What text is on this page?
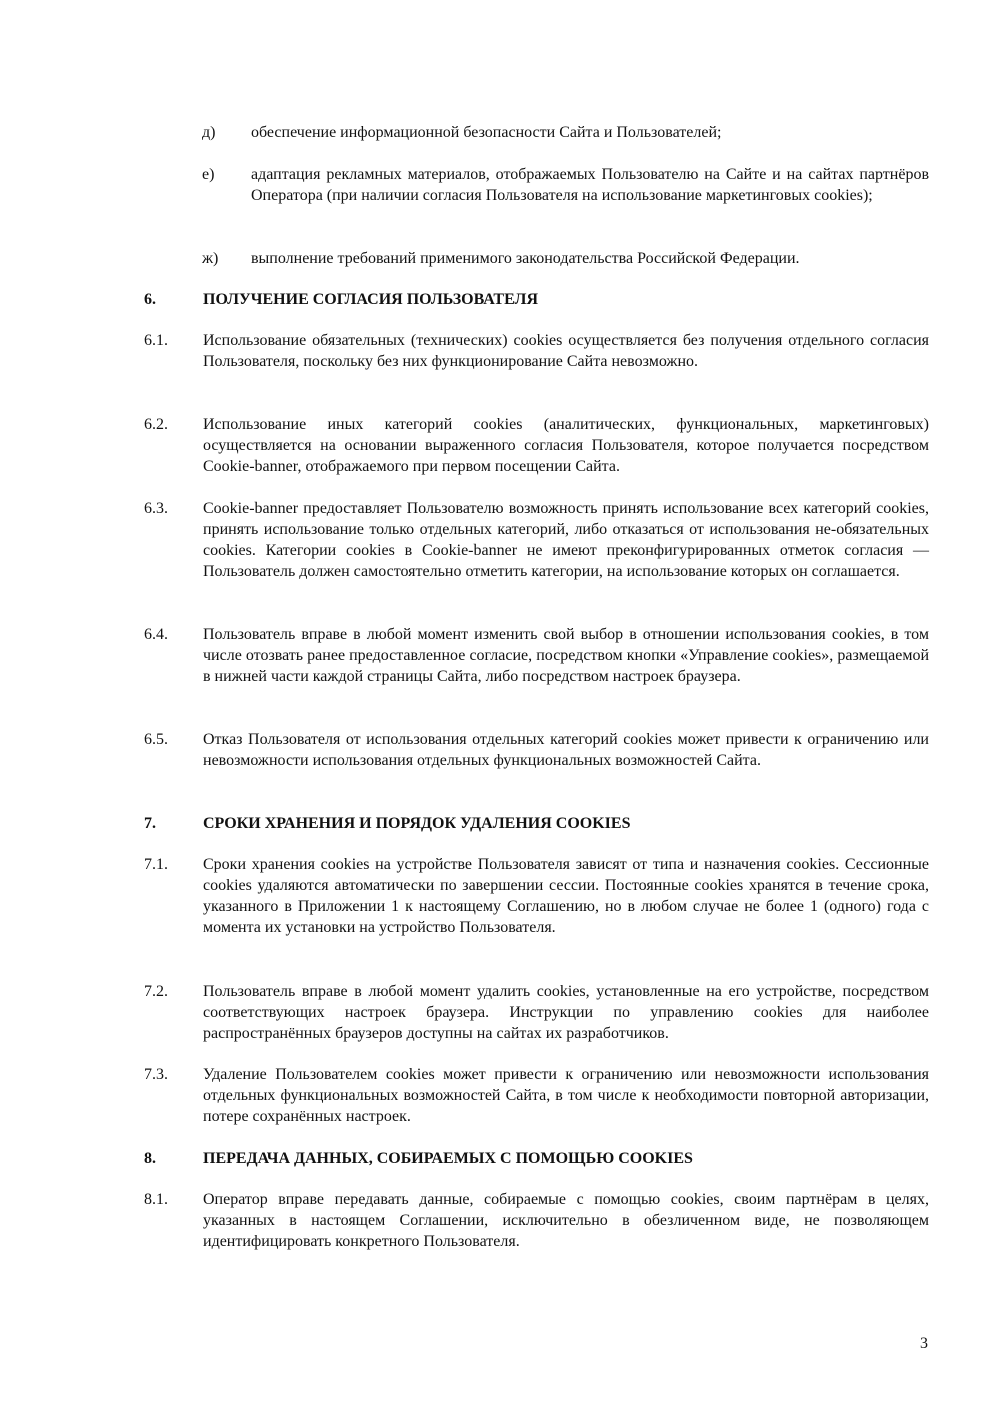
д) обеспечение информационной безопасности Сайта и Пользователей;
е) адаптация рекламных материалов, отображаемых Пользователю на Сайте и на сайтах партнёров Оператора (при наличии согласия Пользователя на использование маркетинговых cookies);
ж) выполнение требований применимого законодательства Российской Федерации.
6.	ПОЛУЧЕНИЕ СОГЛАСИЯ ПОЛЬЗОВАТЕЛЯ
6.1. Использование обязательных (технических) cookies осуществляется без получения отдельного согласия Пользователя, поскольку без них функционирование Сайта невозможно.
6.2. Использование иных категорий cookies (аналитических, функциональных, маркетинговых) осуществляется на основании выраженного согласия Пользователя, которое получается посредством Cookie-banner, отображаемого при первом посещении Сайта.
6.3. Cookie-banner предоставляет Пользователю возможность принять использование всех категорий cookies, принять использование только отдельных категорий, либо отказаться от использования не-обязательных cookies. Категории cookies в Cookie-banner не имеют преконфигурированных отметок согласия — Пользователь должен самостоятельно отметить категории, на использование которых он соглашается.
6.4. Пользователь вправе в любой момент изменить свой выбор в отношении использования cookies, в том числе отозвать ранее предоставленное согласие, посредством кнопки «Управление cookies», размещаемой в нижней части каждой страницы Сайта, либо посредством настроек браузера.
6.5. Отказ Пользователя от использования отдельных категорий cookies может привести к ограничению или невозможности использования отдельных функциональных возможностей Сайта.
7.	СРОКИ ХРАНЕНИЯ И ПОРЯДОК УДАЛЕНИЯ COOKIES
7.1. Сроки хранения cookies на устройстве Пользователя зависят от типа и назначения cookies. Сессионные cookies удаляются автоматически по завершении сессии. Постоянные cookies хранятся в течение срока, указанного в Приложении 1 к настоящему Соглашению, но в любом случае не более 1 (одного) года с момента их установки на устройство Пользователя.
7.2. Пользователь вправе в любой момент удалить cookies, установленные на его устройстве, посредством соответствующих настроек браузера. Инструкции по управлению cookies для наиболее распространённых браузеров доступны на сайтах их разработчиков.
7.3. Удаление Пользователем cookies может привести к ограничению или невозможности использования отдельных функциональных возможностей Сайта, в том числе к необходимости повторной авторизации, потере сохранённых настроек.
8.	ПЕРЕДАЧА ДАННЫХ, СОБИРАЕМЫХ С ПОМОЩЬЮ COOKIES
8.1. Оператор вправе передавать данные, собираемые с помощью cookies, своим партнёрам в целях, указанных в настоящем Соглашении, исключительно в обезличенном виде, не позволяющем идентифицировать конкретного Пользователя.
3
